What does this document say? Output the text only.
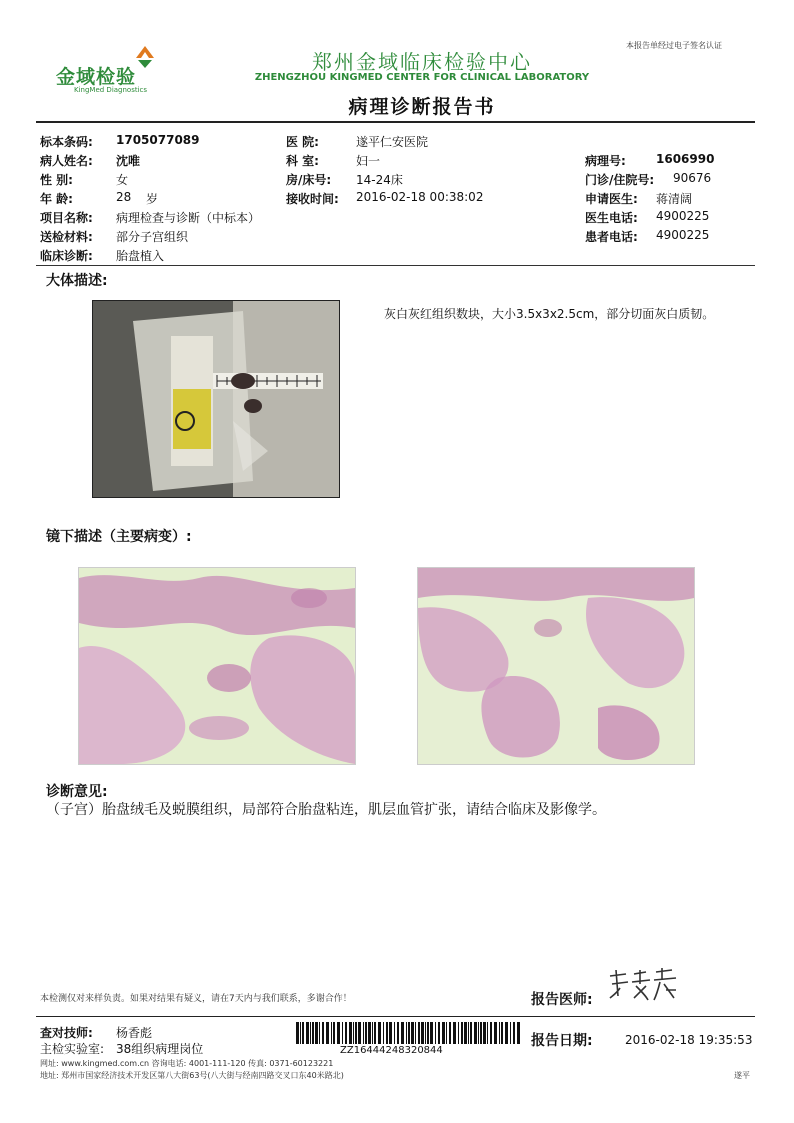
金域检验
KingMed Diagnostics
郑州金域临床检验中心
ZHENGZHOU KINGMED CENTER FOR CLINICAL LABORATORY
病理诊断报告书
本报告单经过电子签名认证
标本条码: 1705077089	医 院:	遂平仁安医院
病人姓名: 沈唯	科 室:	妇一	病理号:	1606990
性 别:	女	房/床号: 14-24床	门诊/住院号: 90676
年 龄:	28 岁	接收时间: 2016-02-18 00:38:02	申请医生: 蒋清阔
项目名称: 病理检查与诊断（中标本）	医生电话: 4900225
送检材料: 部分子宫组织	患者电话: 4900225
临床诊断: 胎盘植入
大体描述:
灰白灰红组织数块，大小3.5x3x2.5cm，部分切面灰白质韧。
镜下描述（主要病变）:
诊断意见:
（子宫）胎盘绒毛及蜕膜组织，局部符合胎盘粘连，肌层血管扩张，请结合临床及影像学。
本检测仅对来样负责。如果对结果有疑义，请在7天内与我们联系，多谢合作！	报告医师:
查对技师: 杨香彪
主检实验室: 38组织病理岗位	ZZ16444248320844
报告日期:	2016-02-18 19:35:53
网址: www.kingmed.com.cn 咨询电话: 4001-111-120 传真: 0371-60123221
地址: 郑州市国家经济技术开发区第八大街63号(八大街与经南四路交叉口东40米路北)	遂平
